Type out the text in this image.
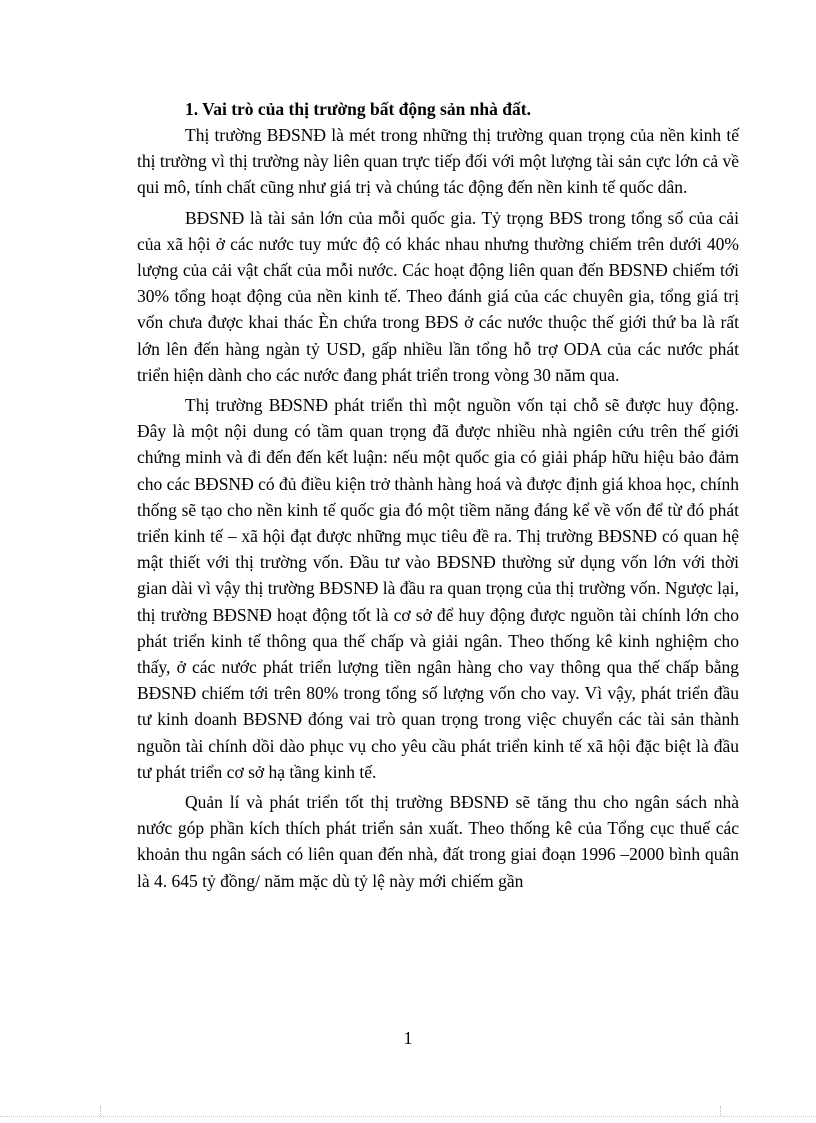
1. Vai trò của thị trường bất động sản nhà đất.

Thị trường BĐSNĐ là mét trong những thị trường quan trọng của nền kinh tế thị trường vì thị trường này liên quan trực tiếp đối với một lượng tài sản cực lớn cả về qui mô, tính chất cũng như giá trị và chúng tác động đến nền kinh tế quốc dân.

BĐSNĐ là tài sản lớn của mỗi quốc gia. Tỷ trọng BĐS trong tổng số của cải của xã hội ở các nước tuy mức độ có khác nhau nhưng thường chiếm trên dưới 40% lượng của cải vật chất của mỗi nước. Các hoạt động liên quan đến BĐSNĐ chiếm tới 30% tổng hoạt động của nền kinh tế. Theo đánh giá của các chuyên gia, tổng giá trị vốn chưa được khai thác Èn chứa trong BĐS ở các nước thuộc thế giới thứ ba là rất lớn lên đến hàng ngàn tỷ USD, gấp nhiều lần tổng hỗ trợ ODA của các nước phát triển hiện dành cho các nước đang phát triển trong vòng 30 năm qua.

Thị trường BĐSNĐ phát triển thì một nguồn vốn tại chỗ sẽ được huy động. Đây là một nội dung có tầm quan trọng đã được nhiều nhà ngiên cứu trên thế giới chứng minh và đi đến đến kết luận: nếu một quốc gia có giải pháp hữu hiệu bảo đảm cho các BĐSNĐ có đủ điều kiện trở thành hàng hoá và được định giá khoa học, chính thống sẽ tạo cho nền kinh tế quốc gia đó một tiềm năng đáng kể về vốn để từ đó phát triển kinh tế – xã hội đạt được những mục tiêu đề ra. Thị trường BĐSNĐ có quan hệ mật thiết với thị trường vốn. Đầu tư vào BĐSNĐ thường sử dụng vốn lớn với thời gian dài vì vậy thị trường BĐSNĐ là đầu ra quan trọng của thị trường vốn. Ngược lại, thị trường BĐSNĐ hoạt động tốt là cơ sở để huy động được nguồn tài chính lớn cho phát triển kinh tế thông qua thế chấp và giải ngân. Theo thống kê kinh nghiệm cho thấy, ở các nước phát triển lượng tiền ngân hàng cho vay thông qua thế chấp bằng BĐSNĐ chiếm tới trên 80% trong tổng số lượng vốn cho vay. Vì vậy, phát triển đầu tư kinh doanh BĐSNĐ đóng vai trò quan trọng trong việc chuyển các tài sản thành nguồn tài chính dồi dào phục vụ cho yêu cầu phát triển kinh tế xã hội đặc biệt là đầu tư phát triển cơ sở hạ tầng kinh tế.

Quản lí và phát triển tốt thị trường BĐSNĐ sẽ tăng thu cho ngân sách nhà nước góp phần kích thích phát triển sản xuất. Theo thống kê của Tổng cục thuế các khoản thu ngân sách có liên quan đến nhà, đất trong giai đoạn 1996 –2000 bình quân là 4. 645 tỷ đồng/ năm mặc dù tỷ lệ này mới chiếm gần

1
